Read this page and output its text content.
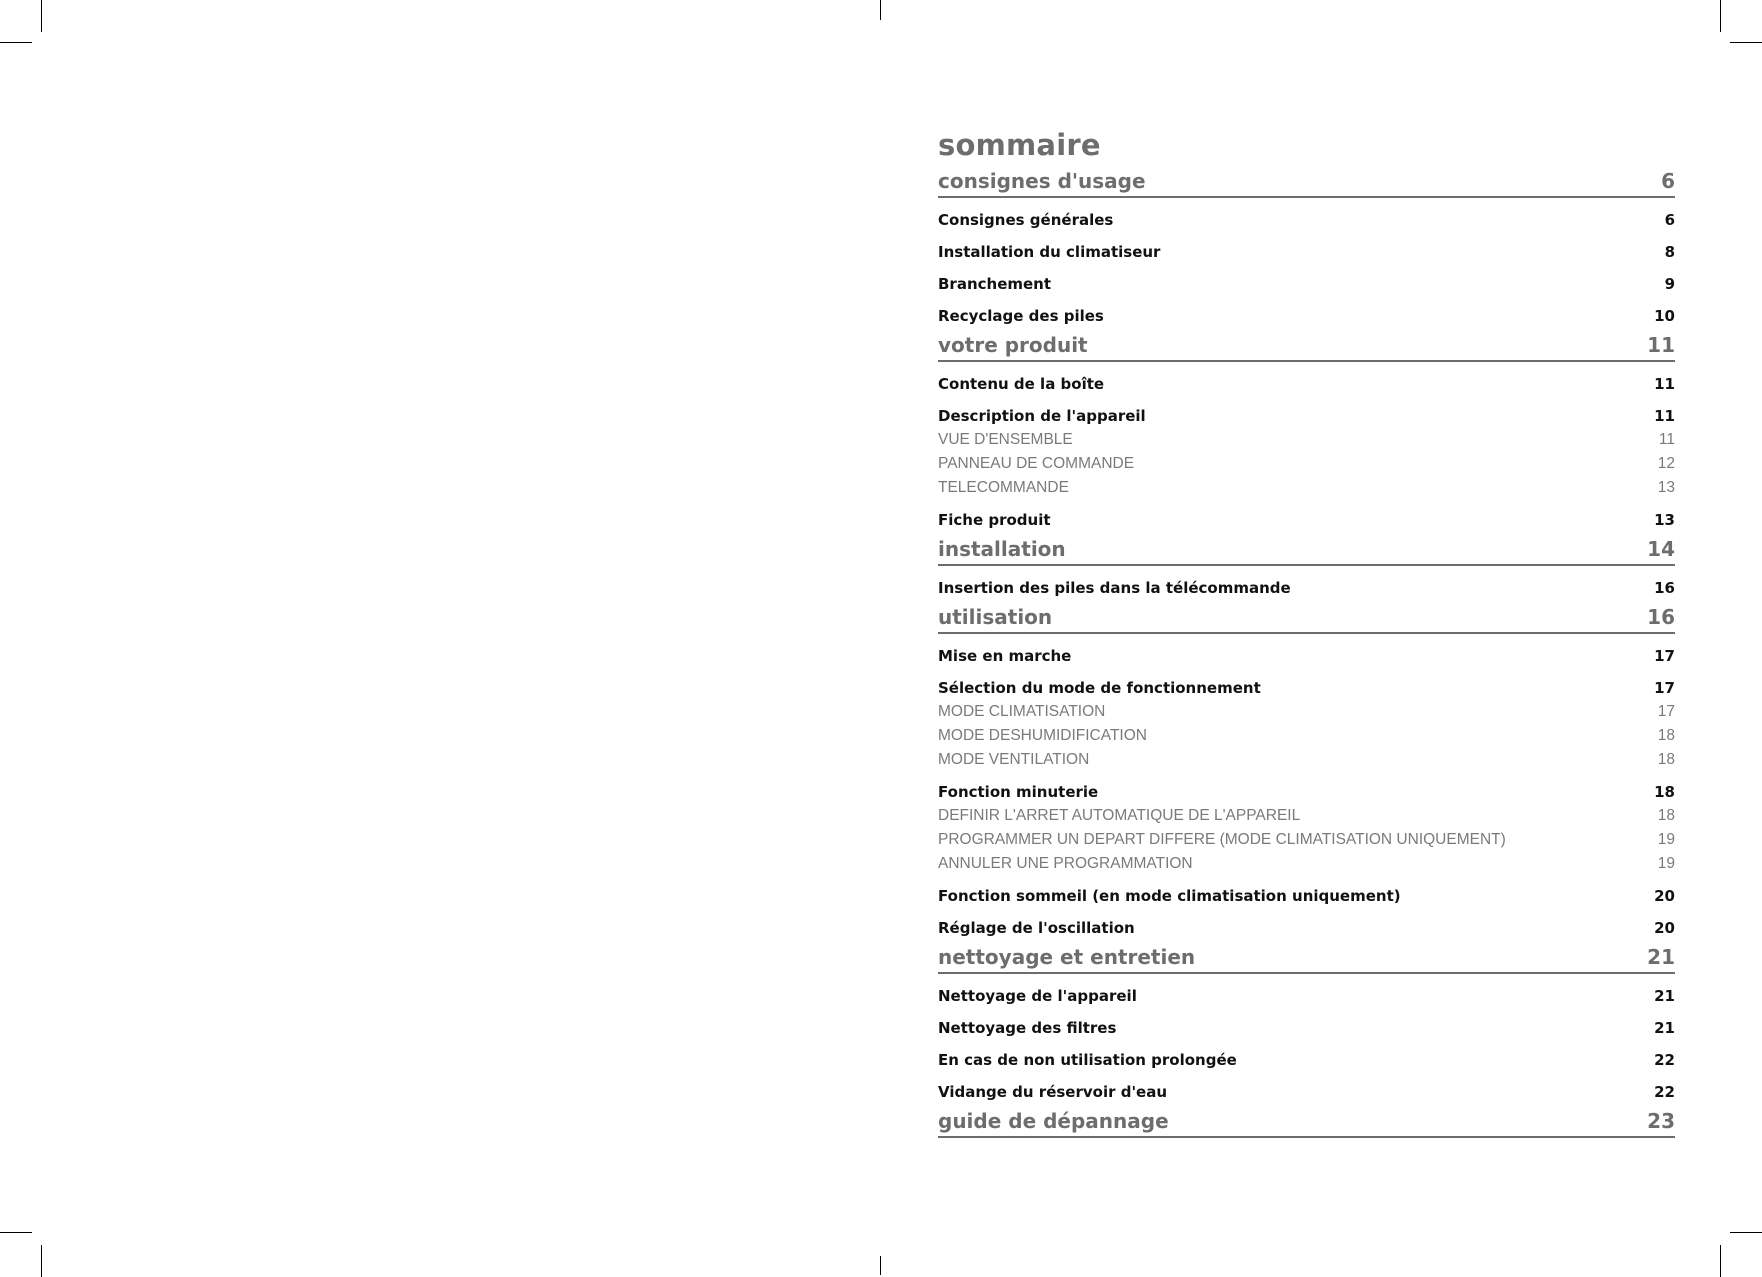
sommaire
consignes d'usage	6
Consignes générales	6
Installation du climatiseur	8
Branchement	9
Recyclage des piles	10
votre produit	11
Contenu de la boîte	11
Description de l'appareil	11
VUE D'ENSEMBLE	11
PANNEAU DE COMMANDE	12
TELECOMMANDE	13
Fiche produit	13
installation	14
Insertion des piles dans la télécommande	16
utilisation	16
Mise en marche	17
Sélection du mode de fonctionnement	17
MODE CLIMATISATION	17
MODE DESHUMIDIFICATION	18
MODE VENTILATION	18
Fonction minuterie	18
DEFINIR L'ARRET AUTOMATIQUE DE L'APPAREIL	18
PROGRAMMER UN DEPART DIFFERE (MODE CLIMATISATION UNIQUEMENT)	19
ANNULER UNE PROGRAMMATION	19
Fonction sommeil (en mode climatisation uniquement)	20
Réglage de l'oscillation	20
nettoyage et entretien	21
Nettoyage de l'appareil	21
Nettoyage des filtres	21
En cas de non utilisation prolongée	22
Vidange du réservoir d'eau	22
guide de dépannage	23
